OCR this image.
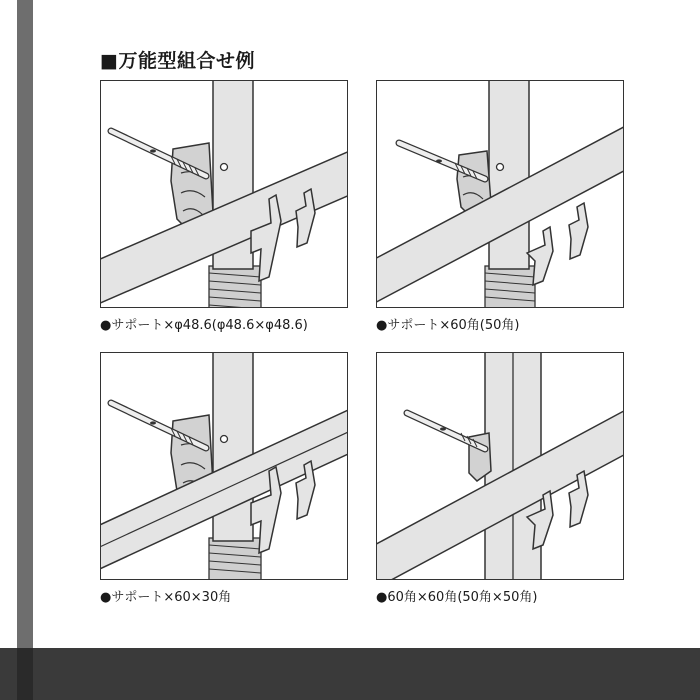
■万能型組合せ例
●サポート×φ48.6(φ48.6×φ48.6)	●サポート×60角(50角)
●サポート×60×30角	●60角×60角(50角×50角)
